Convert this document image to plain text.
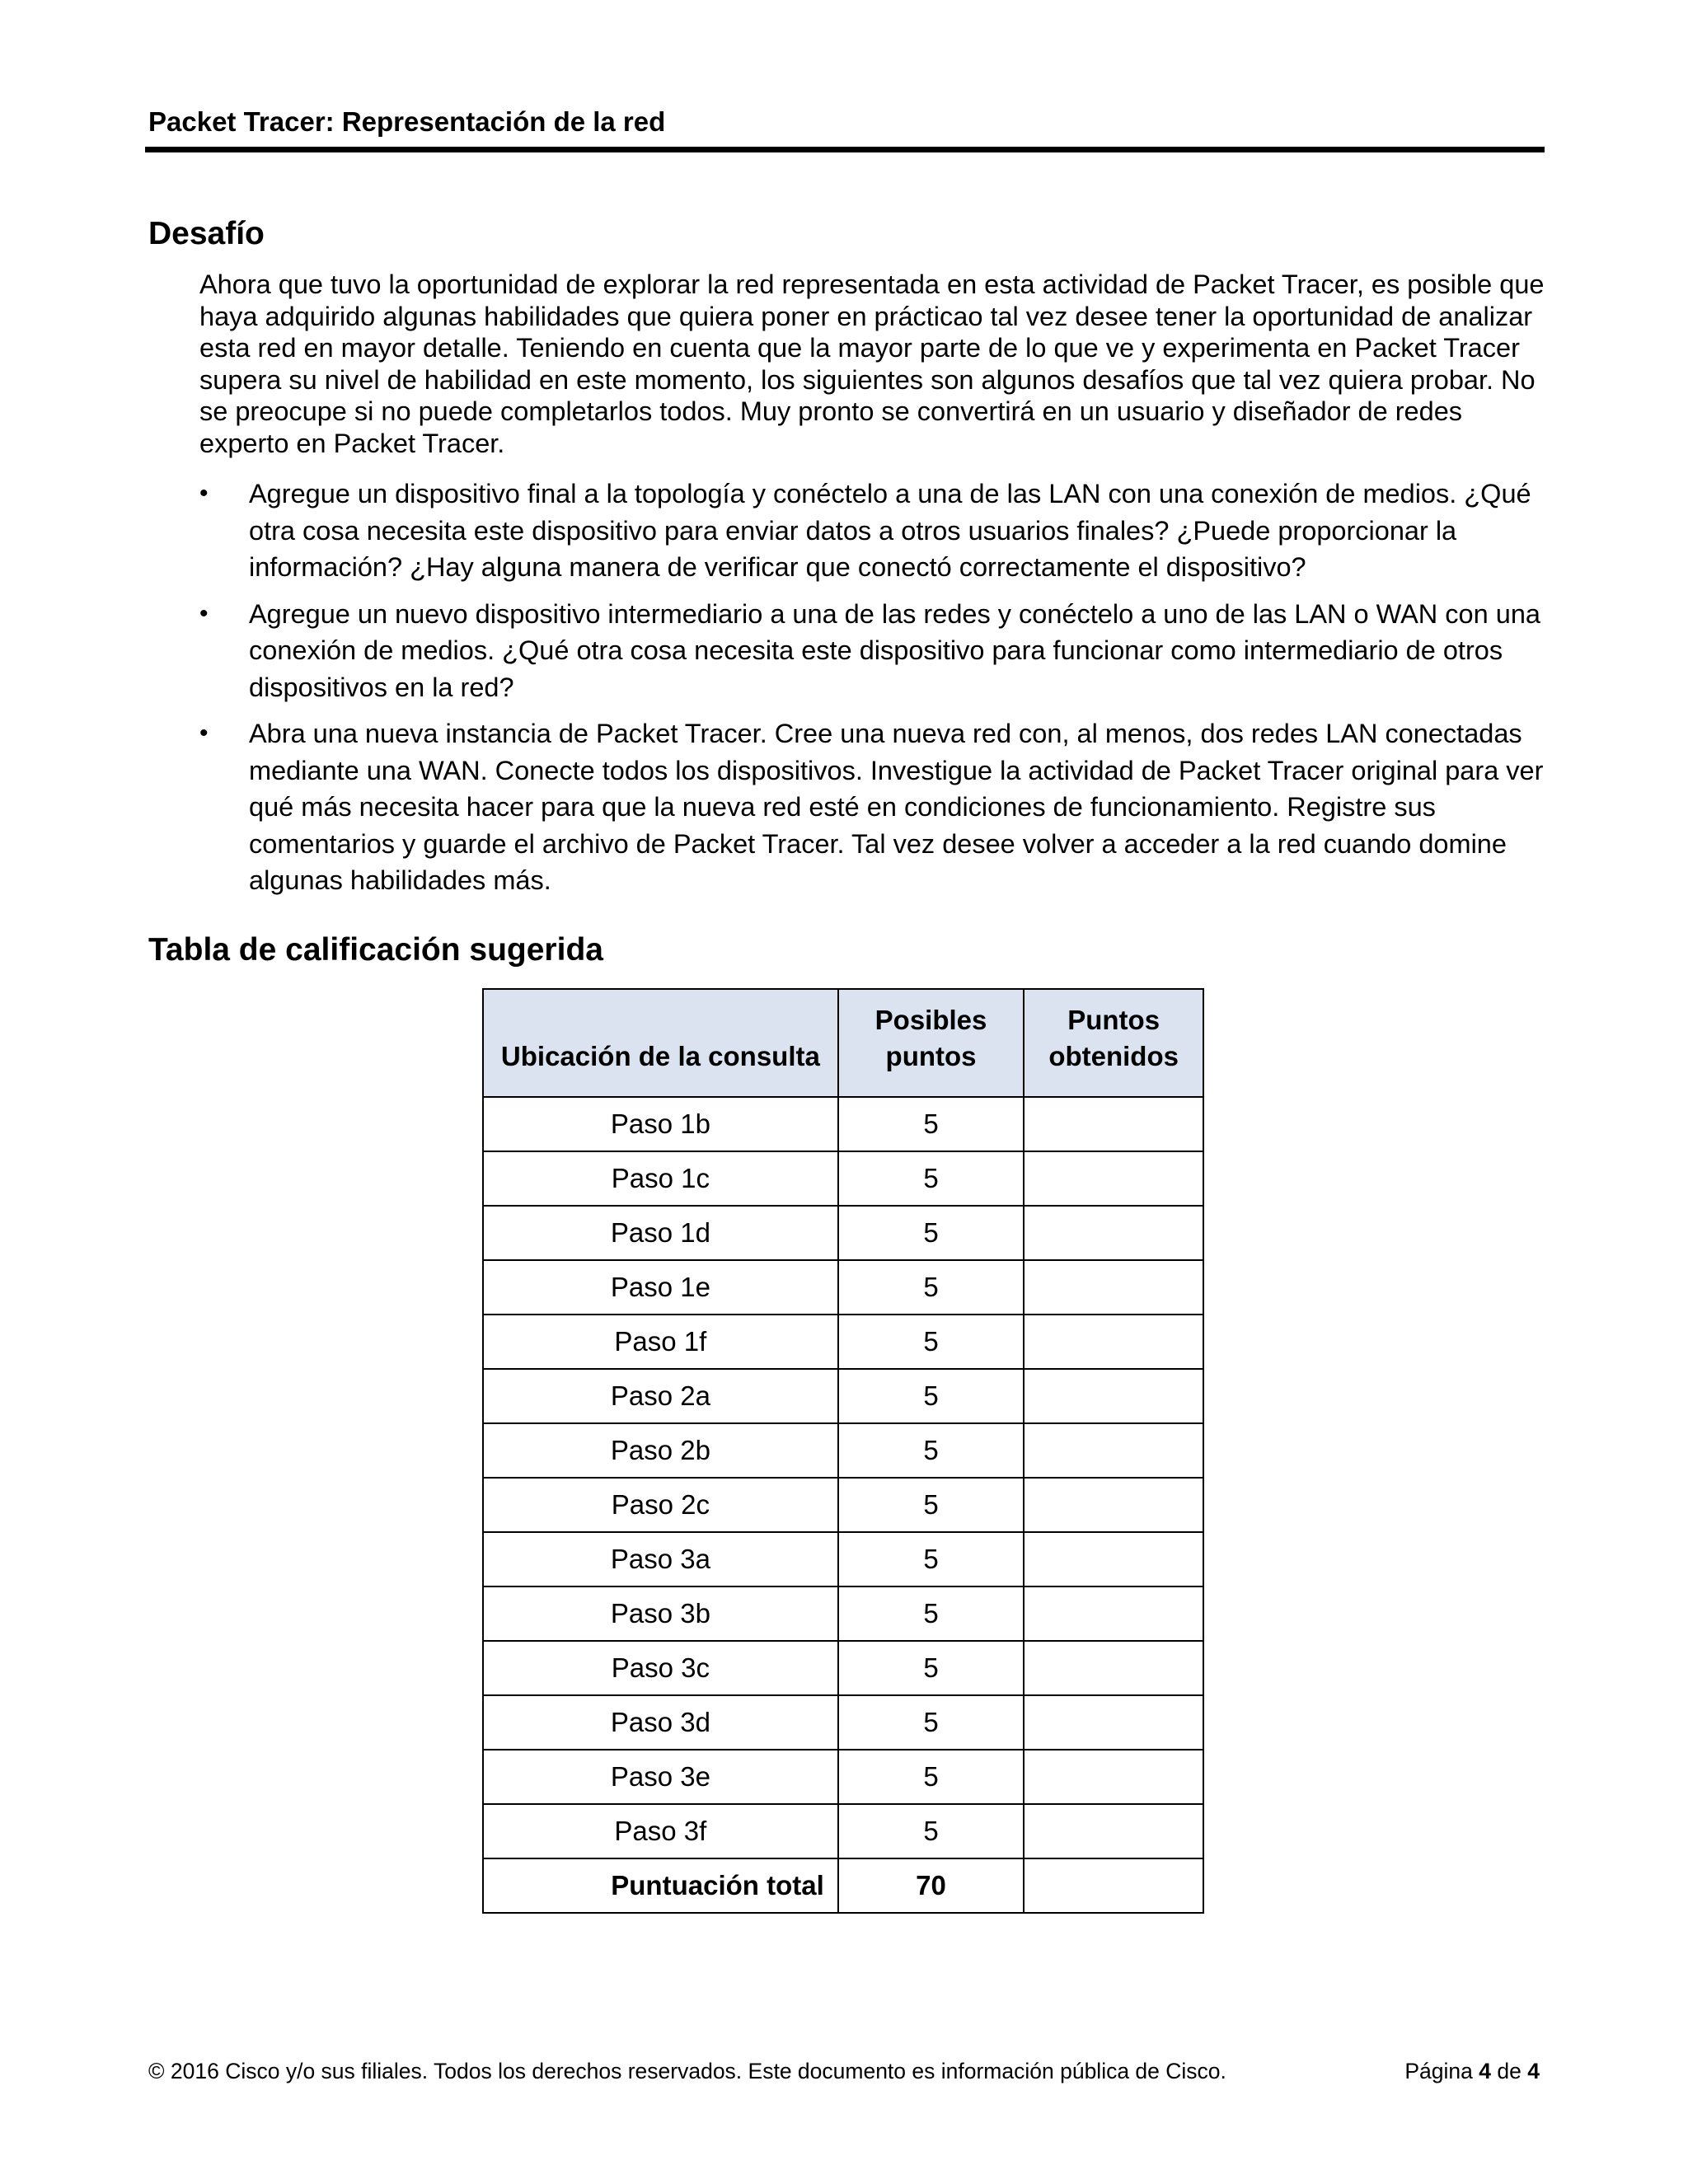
Packet Tracer: Representación de la red
Desafío

Ahora que tuvo la oportunidad de explorar la red representada en esta actividad de Packet Tracer, es posible que haya adquirido algunas habilidades que quiera poner en prácticao tal vez desee tener la oportunidad de analizar esta red en mayor detalle. Teniendo en cuenta que la mayor parte de lo que ve y experimenta en Packet Tracer supera su nivel de habilidad en este momento, los siguientes son algunos desafíos que tal vez quiera probar. No se preocupe si no puede completarlos todos. Muy pronto se convertirá en un usuario y diseñador de redes experto en Packet Tracer.

• Agregue un dispositivo final a la topología y conéctelo a una de las LAN con una conexión de medios. ¿Qué otra cosa necesita este dispositivo para enviar datos a otros usuarios finales? ¿Puede proporcionar la información? ¿Hay alguna manera de verificar que conectó correctamente el dispositivo?
• Agregue un nuevo dispositivo intermediario a una de las redes y conéctelo a uno de las LAN o WAN con una conexión de medios. ¿Qué otra cosa necesita este dispositivo para funcionar como intermediario de otros dispositivos en la red?
• Abra una nueva instancia de Packet Tracer. Cree una nueva red con, al menos, dos redes LAN conectadas mediante una WAN. Conecte todos los dispositivos. Investigue la actividad de Packet Tracer original para ver qué más necesita hacer para que la nueva red esté en condiciones de funcionamiento. Registre sus comentarios y guarde el archivo de Packet Tracer. Tal vez desee volver a acceder a la red cuando domine algunas habilidades más.
Tabla de calificación sugerida
Ubicación de la consulta	Posibles puntos	Puntos obtenidos
Paso 1b	5	
Paso 1c	5	
Paso 1d	5	
Paso 1e	5	
Paso 1f	5	
Paso 2a	5	
Paso 2b	5	
Paso 2c	5	
Paso 3a	5	
Paso 3b	5	
Paso 3c	5	
Paso 3d	5	
Paso 3e	5	
Paso 3f	5	
Puntuación total	70	
© 2016 Cisco y/o sus filiales. Todos los derechos reservados. Este documento es información pública de Cisco.	Página 4 de 4
